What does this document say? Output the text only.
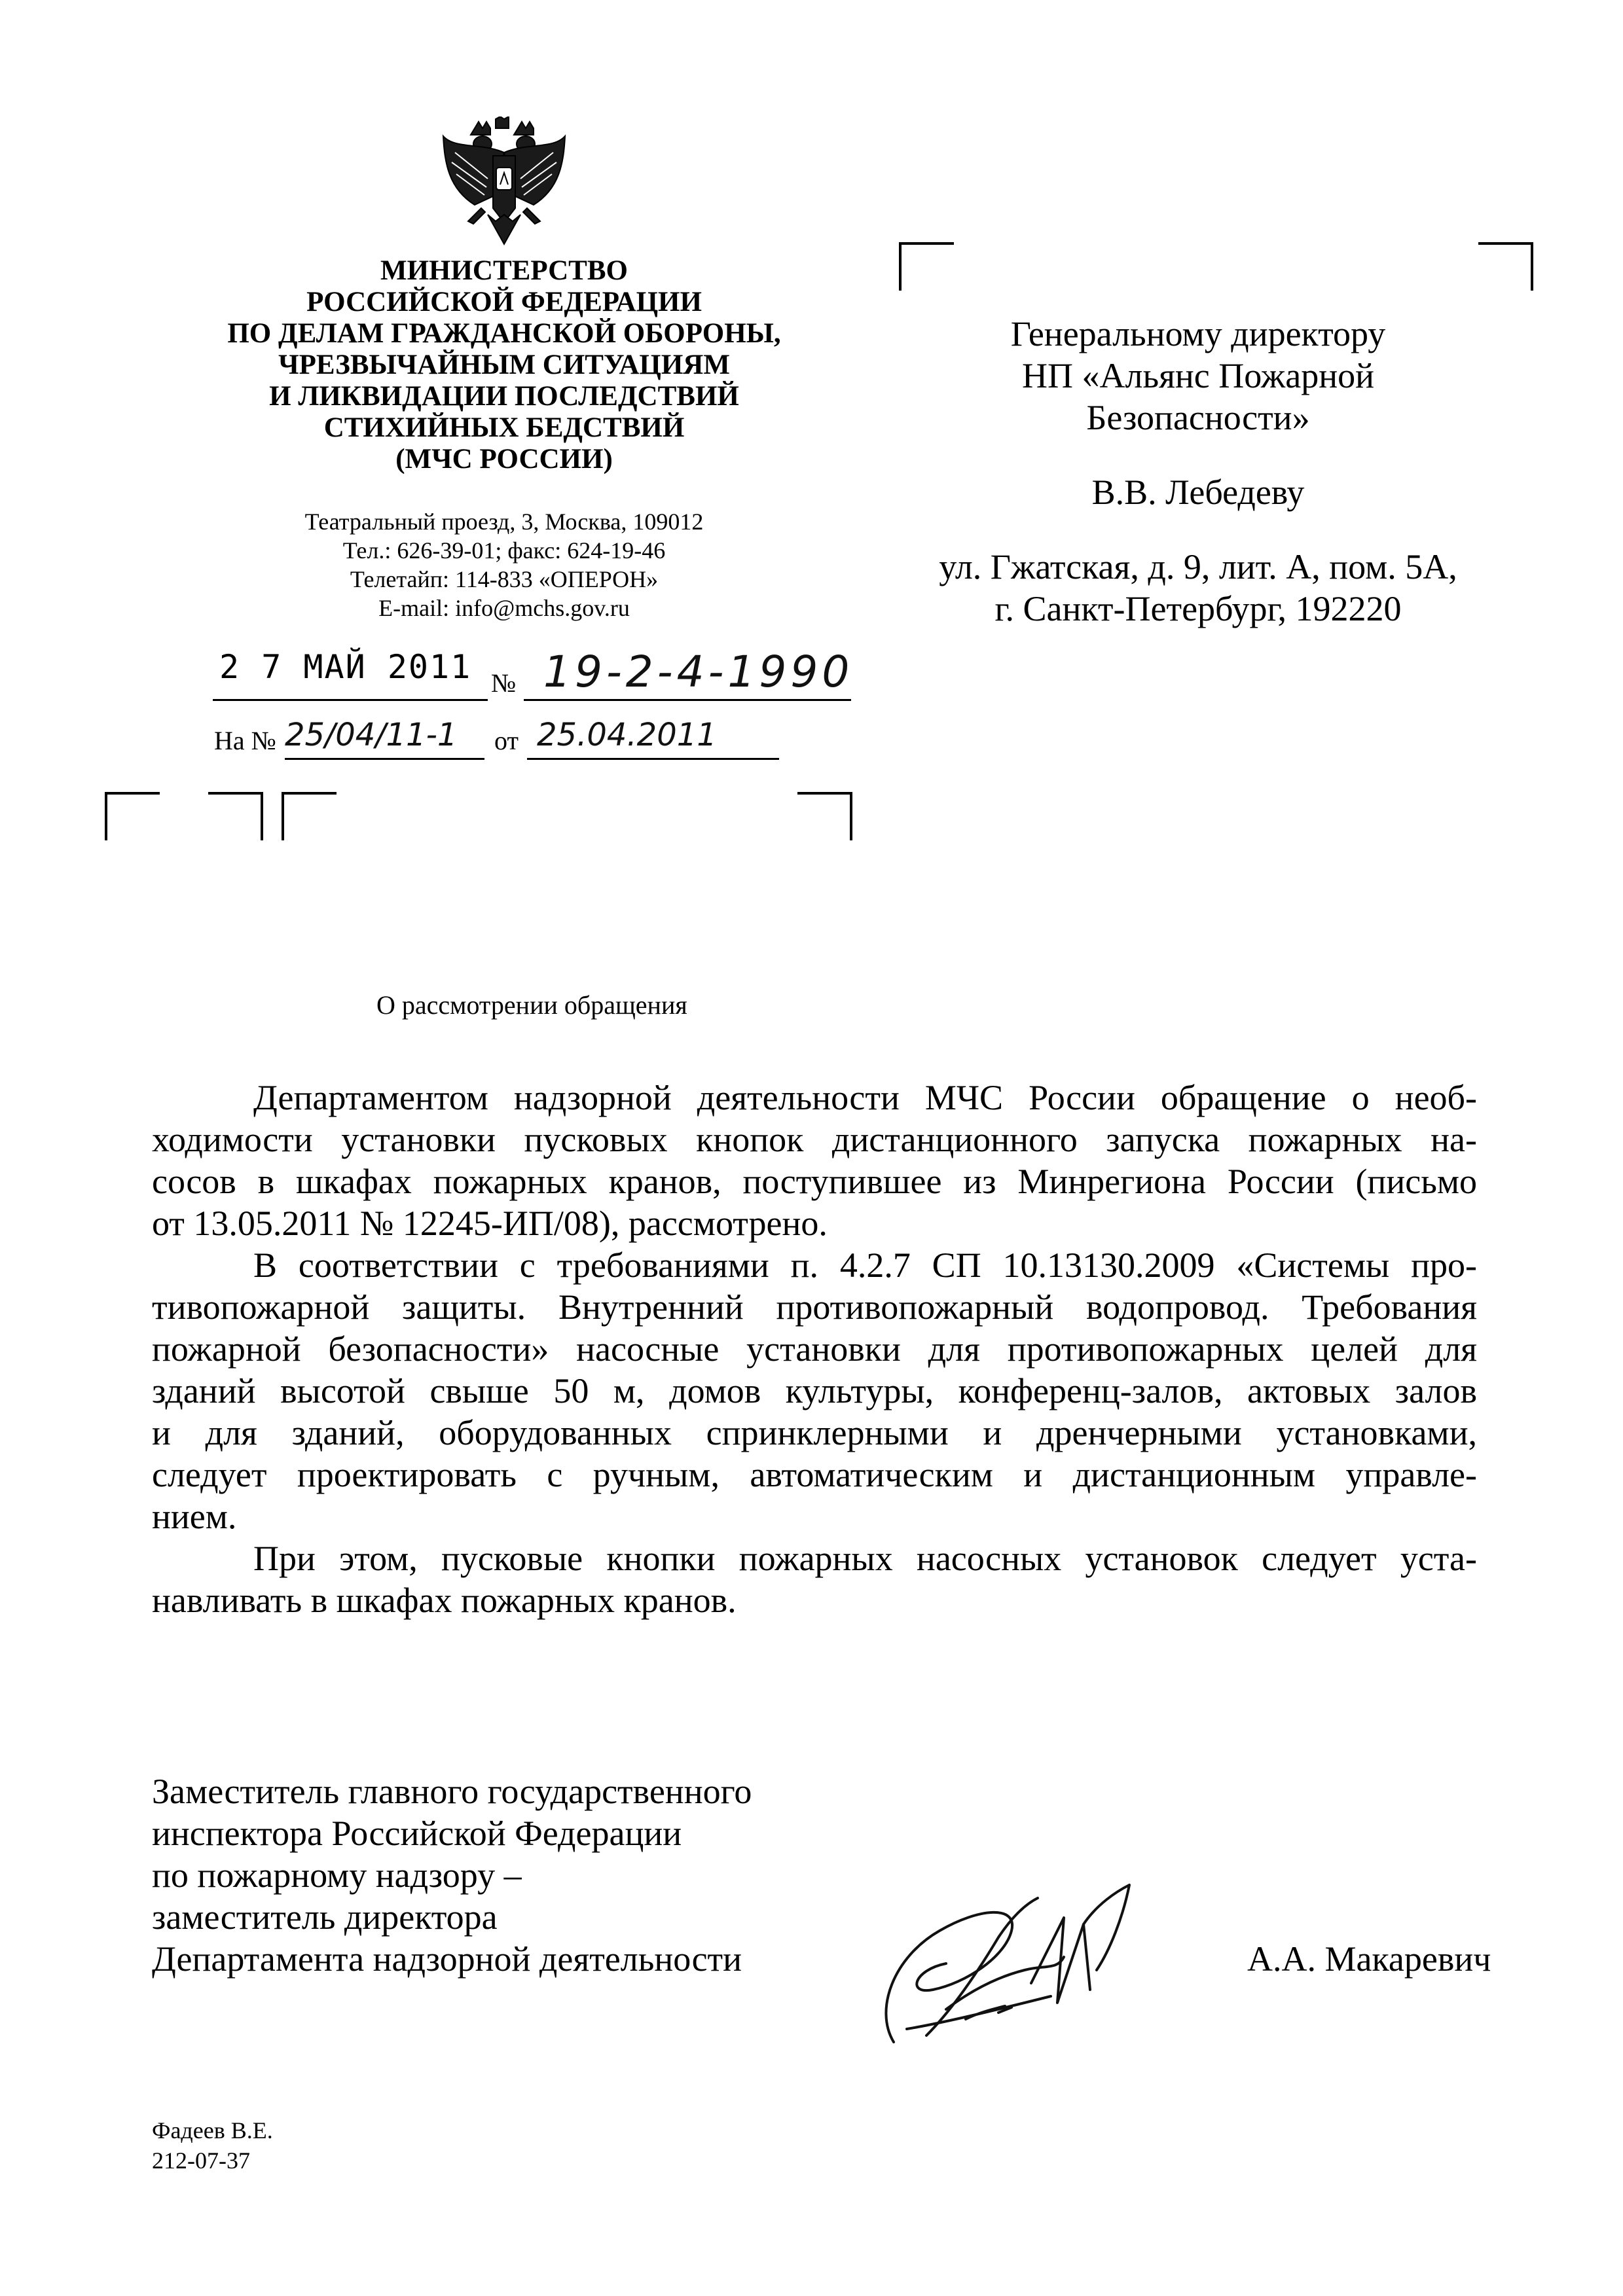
МИНИСТЕРСТВО
РОССИЙСКОЙ ФЕДЕРАЦИИ
ПО ДЕЛАМ ГРАЖДАНСКОЙ ОБОРОНЫ,
ЧРЕЗВЫЧАЙНЫМ СИТУАЦИЯМ
И ЛИКВИДАЦИИ ПОСЛЕДСТВИЙ
СТИХИЙНЫХ БЕДСТВИЙ
(МЧС РОССИИ)
Театральный проезд, 3, Москва, 109012
Тел.: 626-39-01; факс: 624-19-46
Телетайп: 114-833 «ОПЕРОН»
E-mail: info@mchs.gov.ru
2 7 МАЙ 2011 № 19-2-4-1990
На № 25/04/11-1 от 25.04.2011
Генеральному директору
НП «Альянс Пожарной
Безопасности»
В.В. Лебедеву
ул. Гжатская, д. 9, лит. А, пом. 5А,
г. Санкт-Петербург, 192220
О рассмотрении обращения
Департаментом надзорной деятельности МЧС России обращение о необ-
ходимости установки пусковых кнопок дистанционного запуска пожарных на-
сосов в шкафах пожарных кранов, поступившее из Минрегиона России (письмо
от 13.05.2011 № 12245-ИП/08), рассмотрено.
В соответствии с требованиями п. 4.2.7 СП 10.13130.2009 «Системы про-
тивопожарной защиты. Внутренний противопожарный водопровод. Требования
пожарной безопасности» насосные установки для противопожарных целей для
зданий высотой свыше 50 м, домов культуры, конференц-залов, актовых залов
и для зданий, оборудованных спринклерными и дренчерными установками,
следует проектировать с ручным, автоматическим и дистанционным управле-
нием.
При этом, пусковые кнопки пожарных насосных установок следует уста-
навливать в шкафах пожарных кранов.
Заместитель главного государственного
инспектора Российской Федерации
по пожарному надзору –
заместитель директора
Департамента надзорной деятельности	А.А. Макаревич
Фадеев В.Е.
212-07-37
